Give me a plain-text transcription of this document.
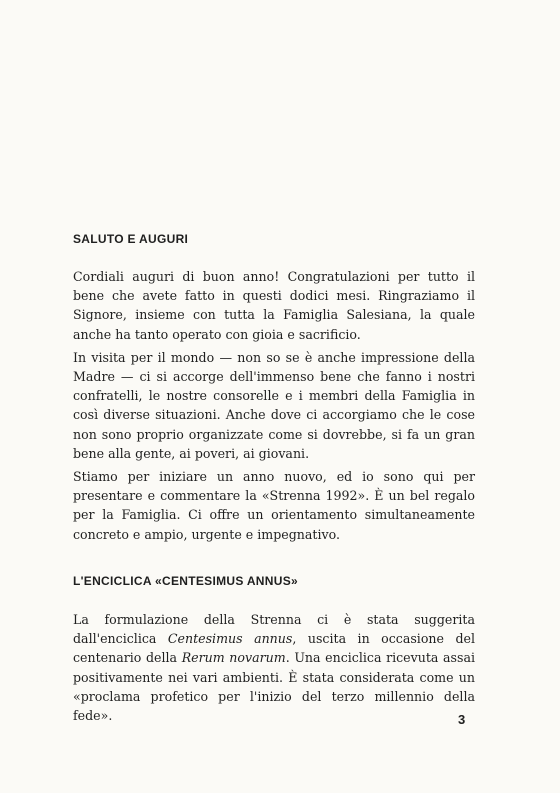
SALUTO E AUGURI

Cordiali auguri di buon anno! Congratulazioni per tutto il bene che avete fatto in questi dodici mesi. Ringraziamo il Signore, insieme con tutta la Famiglia Salesiana, la quale anche ha tanto operato con gioia e sacrificio.

In visita per il mondo — non so se è anche impressione della Madre — ci si accorge dell'immenso bene che fanno i nostri confratelli, le nostre consorelle e i membri della Famiglia in così diverse situazioni. Anche dove ci accorgiamo che le cose non sono proprio organizzate come si dovrebbe, si fa un gran bene alla gente, ai poveri, ai giovani.

Stiamo per iniziare un anno nuovo, ed io sono qui per presentare e commentare la «Strenna 1992». È un bel regalo per la Famiglia. Ci offre un orientamento simultaneamente concreto e ampio, urgente e impegnativo.

L'ENCICLICA «CENTESIMUS ANNUS»

La formulazione della Strenna ci è stata suggerita dall'enciclica Centesimus annus, uscita in occasione del centenario della Rerum novarum. Una enciclica ricevuta assai positivamente nei vari ambienti. È stata considerata come un «proclama profetico per l'inizio del terzo millennio della fede».	3
